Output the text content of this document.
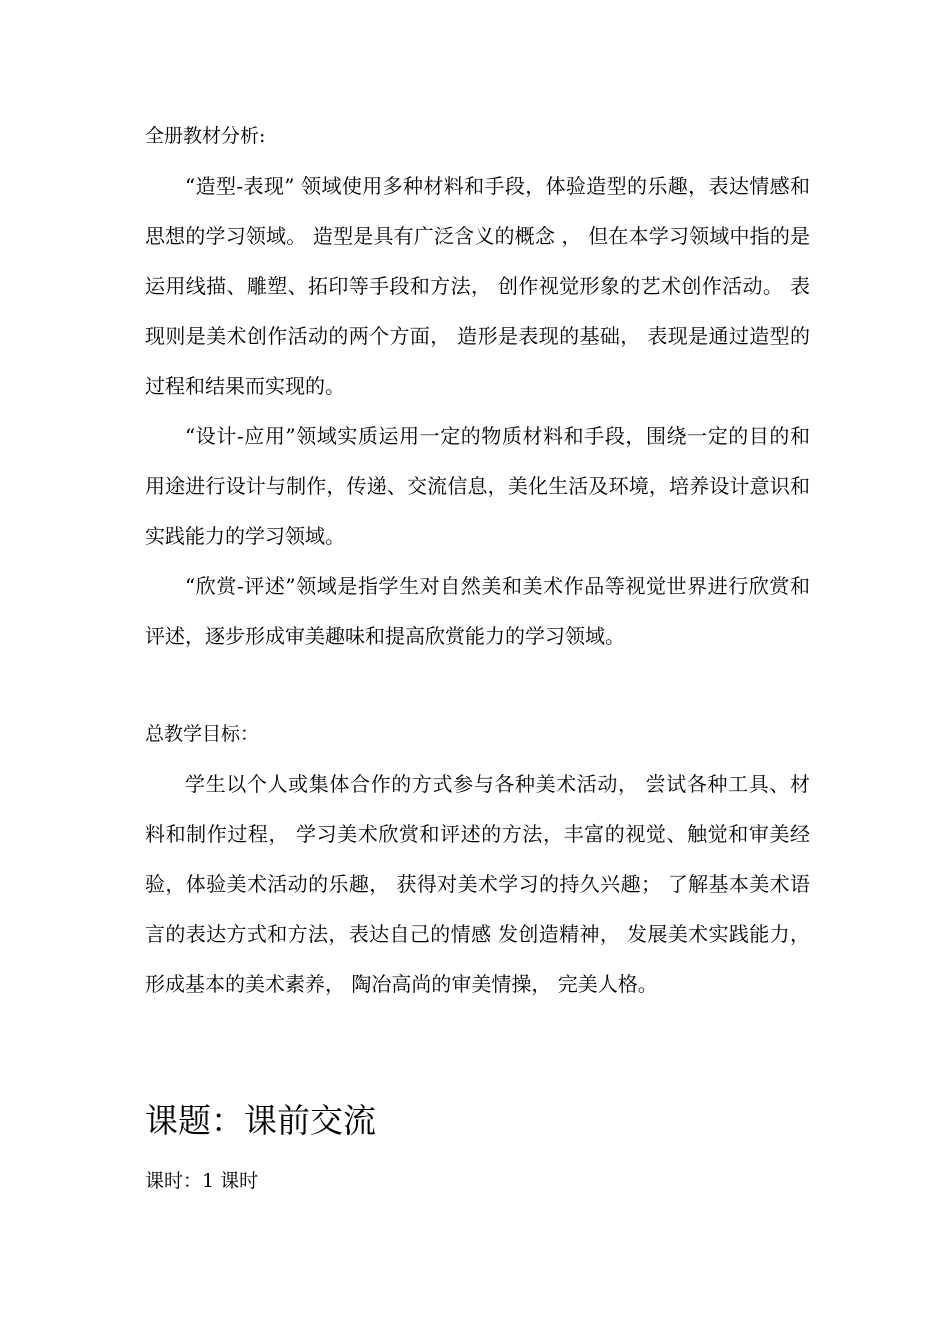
全册教材分析:

“造型-表现” 领域使用多种材料和手段，体验造型的乐趣，表达情感和思想的学习领域。 造型是具有广泛含义的概念 ， 但在本学习领域中指的是运用线描、雕塑、拓印等手段和方法， 创作视觉形象的艺术创作活动。 表现则是美术创作活动的两个方面， 造形是表现的基础， 表现是通过造型的过程和结果而实现的。

“设计-应用”领域实质运用一定的物质材料和手段，围绕一定的目的和用途进行设计与制作，传递、交流信息，美化生活及环境，培养设计意识和实践能力的学习领域。

“欣赏-评述”领域是指学生对自然美和美术作品等视觉世界进行欣赏和评述，逐步形成审美趣味和提高欣赏能力的学习领域。

总教学目标：

学生以个人或集体合作的方式参与各种美术活动， 尝试各种工具、材料和制作过程， 学习美术欣赏和评述的方法，丰富的视觉、触觉和审美经验，体验美术活动的乐趣， 获得对美术学习的持久兴趣； 了解基本美术语言的表达方式和方法，表达自己的情感 发创造精神， 发展美术实践能力，形成基本的美术素养， 陶冶高尚的审美情操， 完美人格。

课题：课前交流
课时：1 课时
